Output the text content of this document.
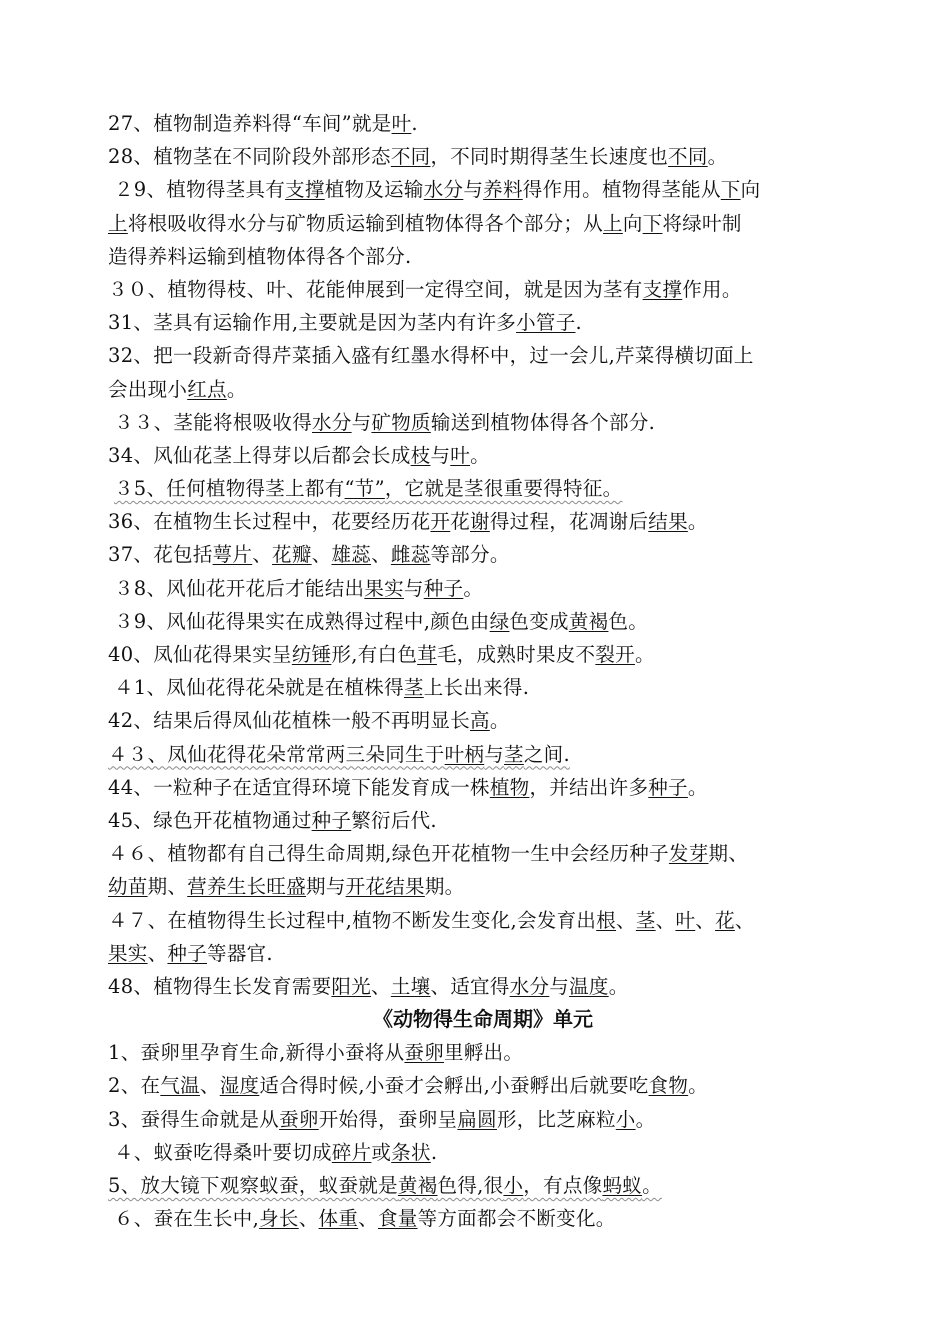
27、植物制造养料得“车间”就是叶.
28、植物茎在不同阶段外部形态不同，不同时期得茎生长速度也不同。
２9、植物得茎具有支撑植物及运输水分与养料得作用。植物得茎能从下向
上将根吸收得水分与矿物质运输到植物体得各个部分；从上向下将绿叶制
造得养料运输到植物体得各个部分.
３０、植物得枝、叶、花能伸展到一定得空间，就是因为茎有支撑作用。
31、茎具有运输作用,主要就是因为茎内有许多小管子.
32、把一段新奇得芹菜插入盛有红墨水得杯中，过一会儿,芹菜得横切面上
会出现小红点。
３３、茎能将根吸收得水分与矿物质输送到植物体得各个部分.
34、风仙花茎上得芽以后都会长成枝与叶。
３5、任何植物得茎上都有“节”，它就是茎很重要得特征。
36、在植物生长过程中，花要经历花开花谢得过程，花凋谢后结果。
37、花包括萼片、花瓣、雄蕊、雌蕊等部分。
３8、风仙花开花后才能结出果实与种子。
３9、风仙花得果实在成熟得过程中,颜色由绿色变成黄褐色。
40、凤仙花得果实呈纺锤形,有白色茸毛，成熟时果皮不裂开。
４1、凤仙花得花朵就是在植株得茎上长出来得.
42、结果后得凤仙花植株一般不再明显长高。
４３、凤仙花得花朵常常两三朵同生于叶柄与茎之间.
44、一粒种子在适宜得环境下能发育成一株植物，并结出许多种子。
45、绿色开花植物通过种子繁衍后代.
４６、植物都有自己得生命周期,绿色开花植物一生中会经历种子发芽期、
幼苗期、营养生长旺盛期与开花结果期。
４７、在植物得生长过程中,植物不断发生变化,会发育出根、茎、叶、花、
果实、种子等器官.
48、植物得生长发育需要阳光、土壤、适宜得水分与温度。
《动物得生命周期》单元
1、蚕卵里孕育生命,新得小蚕将从蚕卵里孵出。
2、在气温、湿度适合得时候,小蚕才会孵出,小蚕孵出后就要吃食物。
3、蚕得生命就是从蚕卵开始得，蚕卵呈扁圆形，比芝麻粒小。
４、蚁蚕吃得桑叶要切成碎片或条状.
5、放大镜下观察蚁蚕，蚁蚕就是黄褐色得,很小，有点像蚂蚁。
６、蚕在生长中,身长、体重、食量等方面都会不断变化。
